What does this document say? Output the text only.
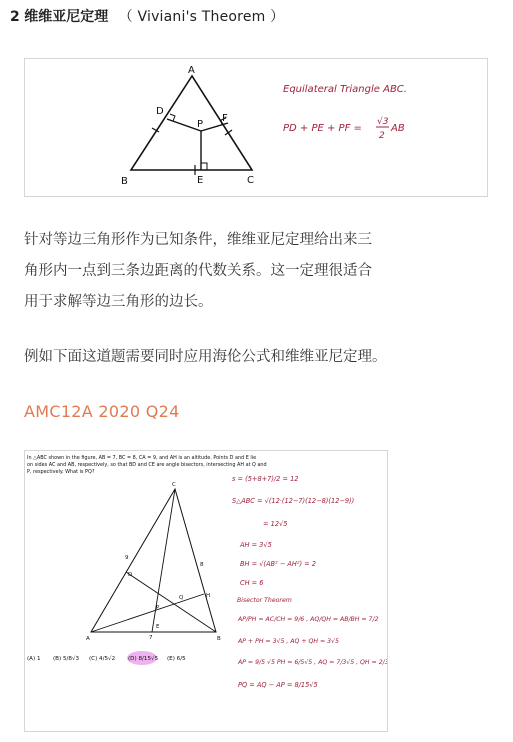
2 维维亚尼定理 （ Viviani's Theorem ）
A
B	C
D
E
F
P
Equilateral Triangle ABC.
PD + PE + PF =
√3
2
AB
针对等边三角形作为已知条件，维维亚尼定理给出来三
角形内一点到三条边距离的代数关系。这一定理很适合
用于求解等边三角形的边长。
例如下面这道题需要同时应用海伦公式和维维亚尼定理。
AMC12A 2020 Q24
In △ABC shown in the figure, AB = 7, BC = 8, CA = 9, and AH is an altitude. Points D and E lie
on sides AC and AB, respectively, so that BD and CE are angle bisectors, intersecting AH at Q and
P, respectively. What is PQ?
C
A	B
D
E
H
P
Q
9
8
7
(A) 1 (B) 5/8√3 (C) 4/5√2 (D) 8/15√5 (E) 6/5
s = (5+8+7)/2 = 12
S△ABC = √(12·(12−7)(12−8)(12−9))
= 12√5
AH = 3√5
BH = √(AB² − AH²) = 2
CH = 6
Bisector Theorem
AP/PH = AC/CH = 9/6 , AQ/QH = AB/BH = 7/2
AP + PH = 3√5 , AQ + QH = 3√5
AP = 9/5 √5 PH = 6/5√5 , AQ = 7/3√5 , QH = 2/3√5
PQ = AQ − AP = 8/15√5
